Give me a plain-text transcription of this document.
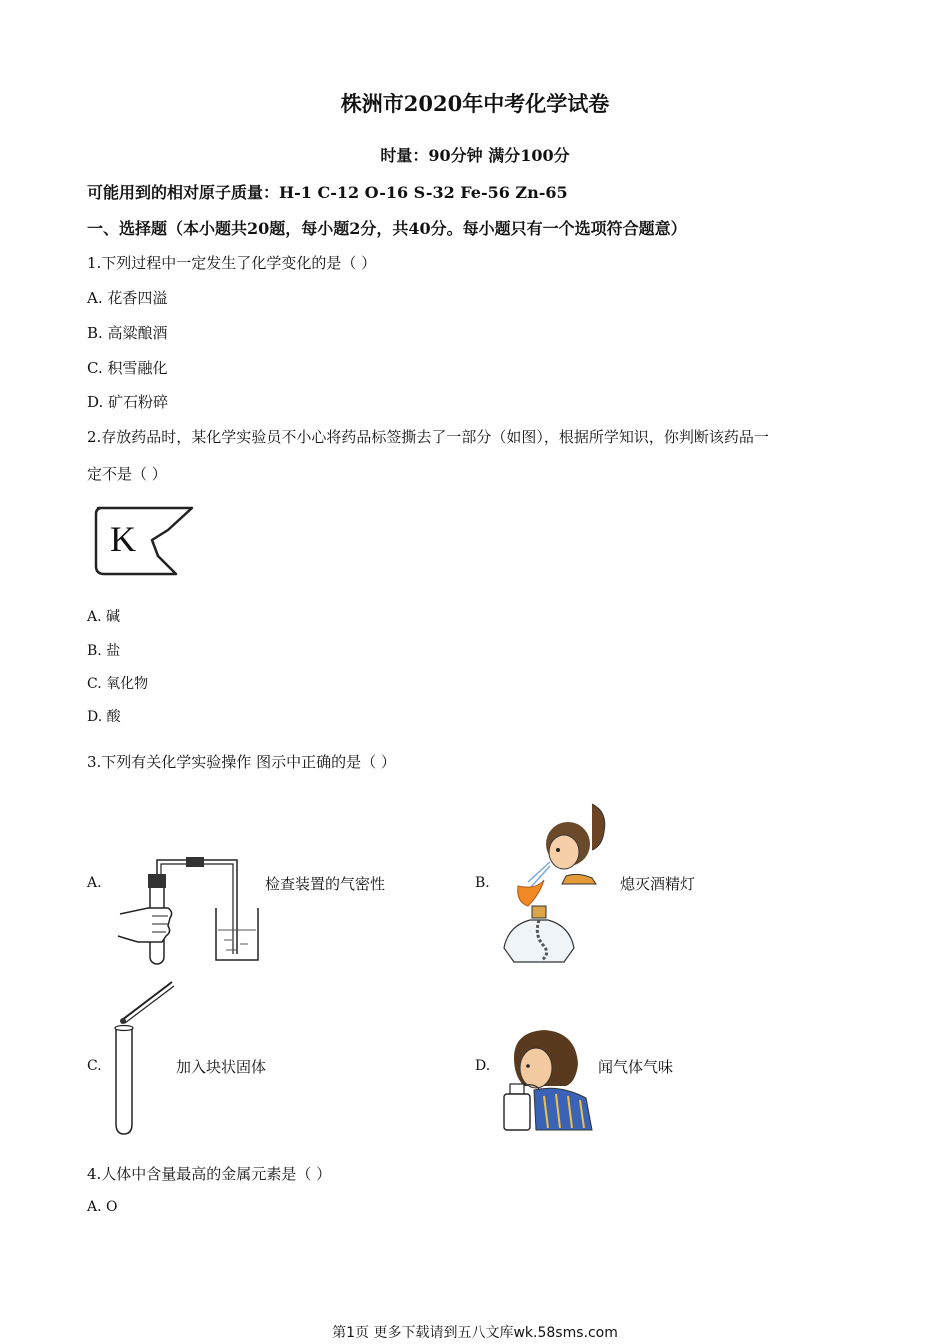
株洲市2020年中考化学试卷
时量：90分钟 满分100分
可能用到的相对原子质量：H-1 C-12 O-16 S-32 Fe-56 Zn-65
一、选择题（本小题共20题，每小题2分，共40分。每小题只有一个选项符合题意）
1.下列过程中一定发生了化学变化的是（ ）
A. 花香四溢
B. 高粱酿酒
C. 积雪融化
D. 矿石粉碎
2.存放药品时，某化学实验员不小心将药品标签撕去了一部分（如图），根据所学知识，你判断该药品一
定不是（ ）
K
A. 碱
B. 盐
C. 氧化物
D. 酸
3.下列有关化学实验操作 图示中正确的是（ ）
A.	检查装置的气密性	B.	熄灭酒精灯
C.	加入块状固体	D.	闻气体气味
4.人体中含量最高的金属元素是（ ）
A. O
第1页 更多下载请到五八文库wk.58sms.com
